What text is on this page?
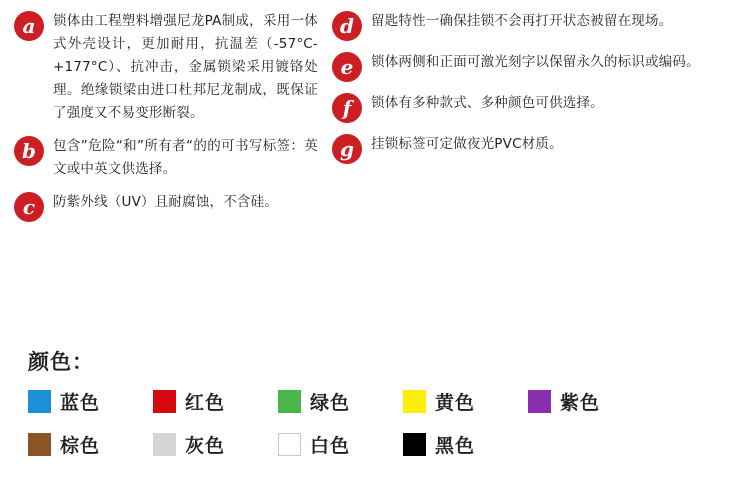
a	锁体由工程塑料增强尼龙PA制成，采用一体式外壳设计，更加耐用，抗温差（-57°C-+177°C）、抗冲击，金属锁梁采用镀铬处理。绝缘锁梁由进口杜邦尼龙制成，既保证了强度又不易变形断裂。
b	包含”危险“和”所有者“的的可书写标签：英文或中英文供选择。
c	防紫外线（UV）且耐腐蚀，不含硅。
d	留匙特性一确保挂锁不会再打开状态被留在现场。
e	锁体两侧和正面可激光刻字以保留永久的标识或编码。
f	锁体有多种款式、多种颜色可供选择。
g	挂锁标签可定做夜光PVC材质。
颜色：
蓝色	红色	绿色	黄色	紫色
棕色	灰色	白色	黑色
